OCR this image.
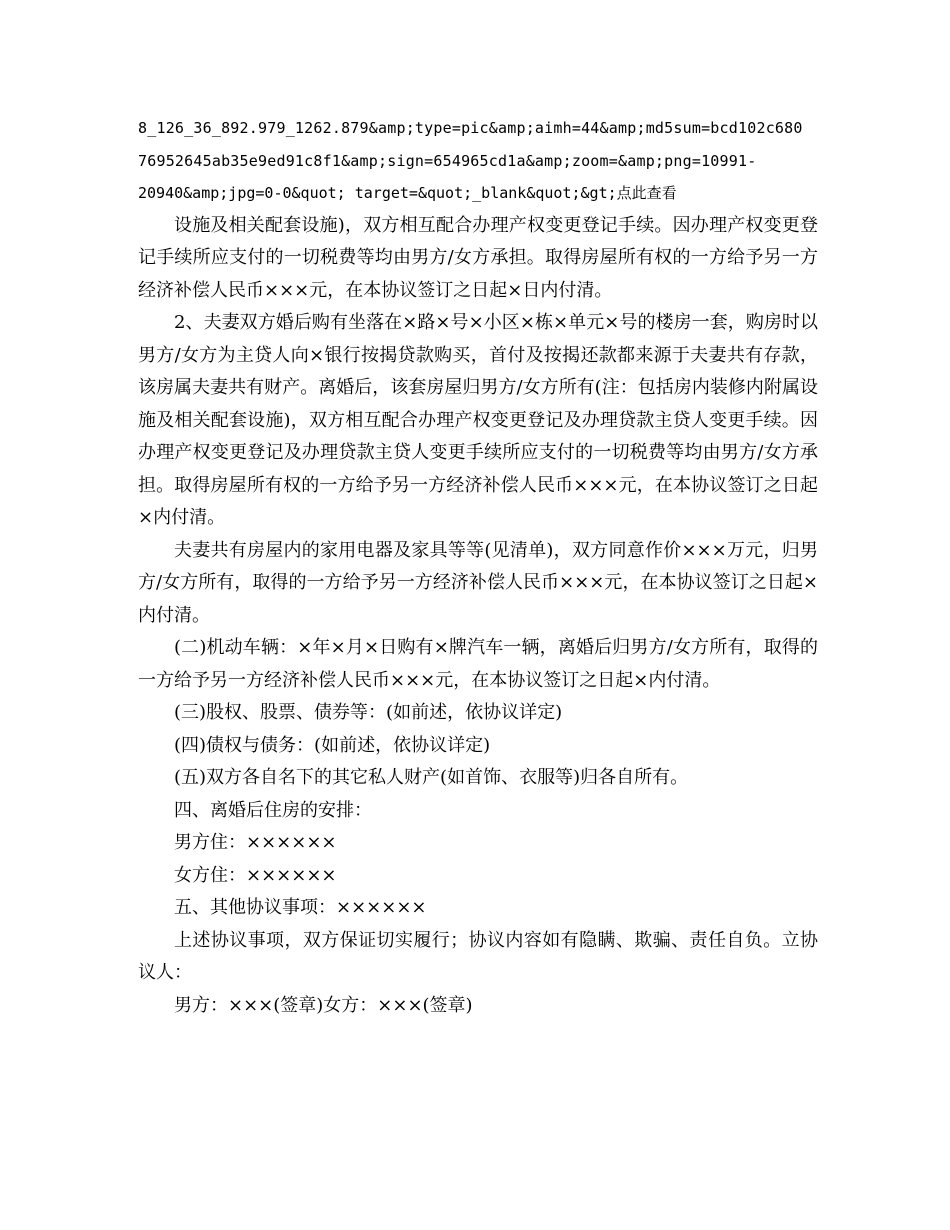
8_126_36_892.979_1262.879&amp;type=pic&amp;aimh=44&amp;md5sum=bcd102c680
76952645ab35e9ed91c8f1&amp;sign=654965cd1a&amp;zoom=&amp;png=10991-
20940&amp;jpg=0-0&quot; target=&quot;_blank&quot;&gt;点此查看

设施及相关配套设施)，双方相互配合办理产权变更登记手续。因办理产权变更登记手续所应支付的一切税费等均由男方/女方承担。取得房屋所有权的一方给予另一方经济补偿人民币×××元，在本协议签订之日起×日内付清。

2、夫妻双方婚后购有坐落在×路×号×小区×栋×单元×号的楼房一套，购房时以男方/女方为主贷人向×银行按揭贷款购买，首付及按揭还款都来源于夫妻共有存款，该房属夫妻共有财产。离婚后，该套房屋归男方/女方所有(注：包括房内装修内附属设施及相关配套设施)，双方相互配合办理产权变更登记及办理贷款主贷人变更手续。因办理产权变更登记及办理贷款主贷人变更手续所应支付的一切税费等均由男方/女方承担。取得房屋所有权的一方给予另一方经济补偿人民币×××元，在本协议签订之日起×内付清。

夫妻共有房屋内的家用电器及家具等等(见清单)，双方同意作价×××万元，归男方/女方所有，取得的一方给予另一方经济补偿人民币×××元，在本协议签订之日起×内付清。

(二)机动车辆：×年×月×日购有×牌汽车一辆，离婚后归男方/女方所有，取得的一方给予另一方经济补偿人民币×××元，在本协议签订之日起×内付清。

(三)股权、股票、债券等：(如前述，依协议详定)

(四)债权与债务：(如前述，依协议详定)

(五)双方各自名下的其它私人财产(如首饰、衣服等)归各自所有。

四、离婚后住房的安排：

男方住：××××××

女方住：××××××

五、其他协议事项：××××××

上述协议事项，双方保证切实履行；协议内容如有隐瞒、欺骗、责任自负。立协议人：

男方：×××(签章)女方：×××(签章)
